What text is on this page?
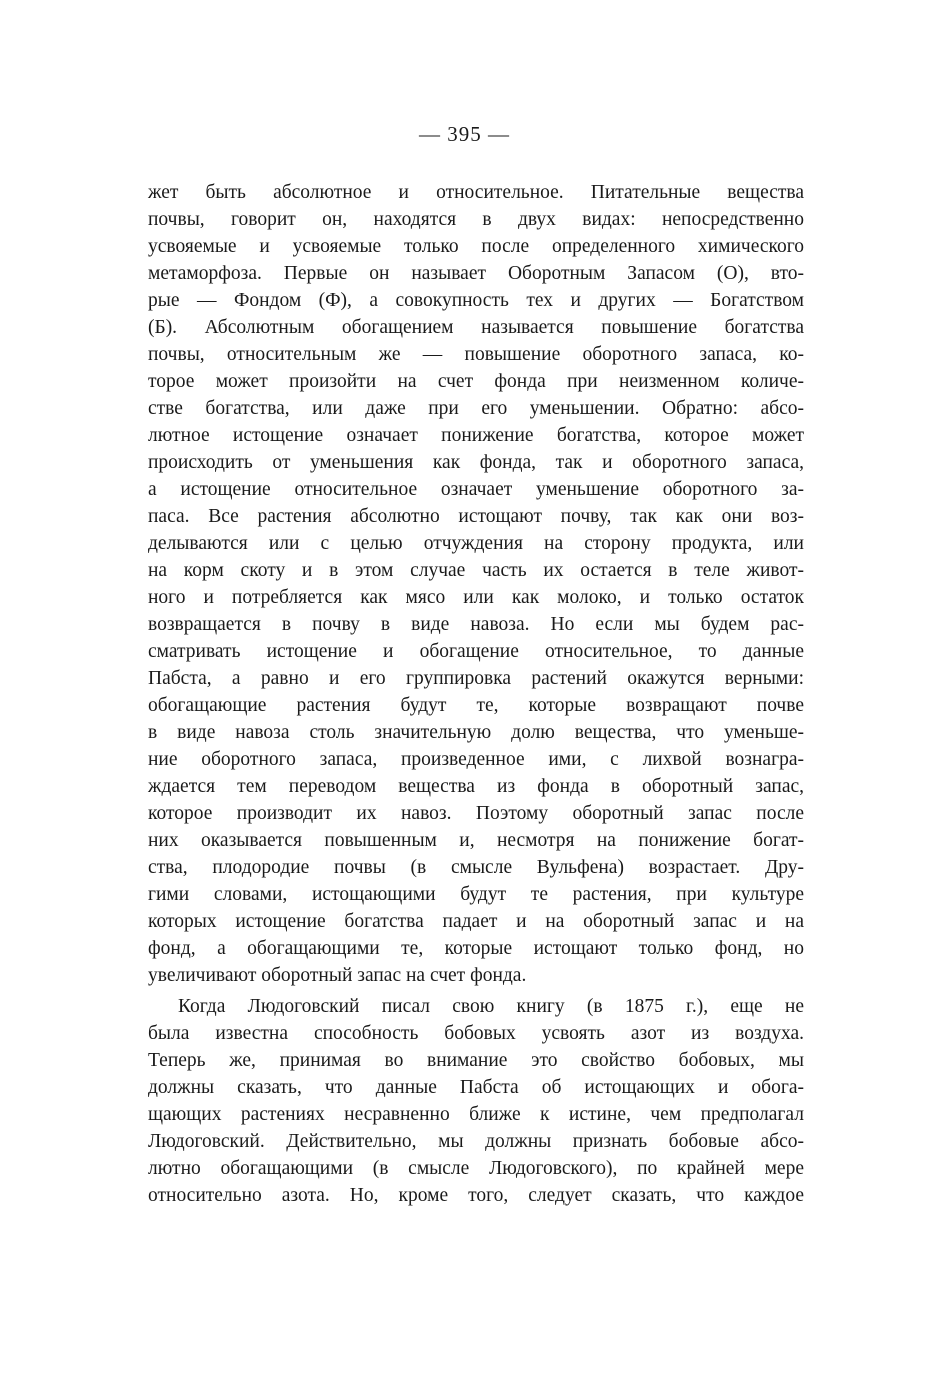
— 395 —
жет быть абсолютное и относительное. Питательные вещества
почвы, говорит он, находятся в двух видах: непосредственно
усвояемые и усвояемые только после определенного химического
метаморфоза. Первые он называет Оборотным Запасом (O), вто-
рые — Фондом (Ф), а совокупность тех и других — Богатством
(Б). Абсолютным обогащением называется повышение богатства
почвы, относительным же — повышение оборотного запаса, ко-
торое может произойти на счет фонда при неизменном количе-
стве богатства, или даже при его уменьшении. Обратно: абсо-
лютное истощение означает понижение богатства, которое может
происходить от уменьшения как фонда, так и оборотного запаса,
а истощение относительное означает уменьшение оборотного за-
паса. Все растения абсолютно истощают почву, так как они воз-
делываются или с целью отчуждения на сторону продукта, или
на корм скоту и в этом случае часть их остается в теле живот-
ного и потребляется как мясо или как молоко, и только остаток
возвращается в почву в виде навоза. Но если мы будем рас-
сматривать истощение и обогащение относительное, то данные
Пабста, а равно и его группировка растений окажутся верными:
обогащающие растения будут те, которые возвращают почве
в виде навоза столь значительную долю вещества, что уменьше-
ние оборотного запаса, произведенное ими, с лихвой вознагра-
ждается тем переводом вещества из фонда в оборотный запас,
которое производит их навоз. Поэтому оборотный запас после
них оказывается повышенным и, несмотря на понижение богат-
ства, плодородие почвы (в смысле Вульфена) возрастает. Дру-
гими словами, истощающими будут те растения, при культуре
которых истощение богатства падает и на оборотный запас и на
фонд, а обогащающими те, которые истощают только фонд, но
увеличивают оборотный запас на счет фонда.
Когда Людоговский писал свою книгу (в 1875 г.), еще не
была известна способность бобовых усвоять азот из воздуха.
Теперь же, принимая во внимание это свойство бобовых, мы
должны сказать, что данные Пабста об истощающих и обога-
щающих растениях несравненно ближе к истине, чем предполагал
Людоговский. Действительно, мы должны признать бобовые абсо-
лютно обогащающими (в смысле Людоговского), по крайней мере
относительно азота. Но, кроме того, следует сказать, что каждое
